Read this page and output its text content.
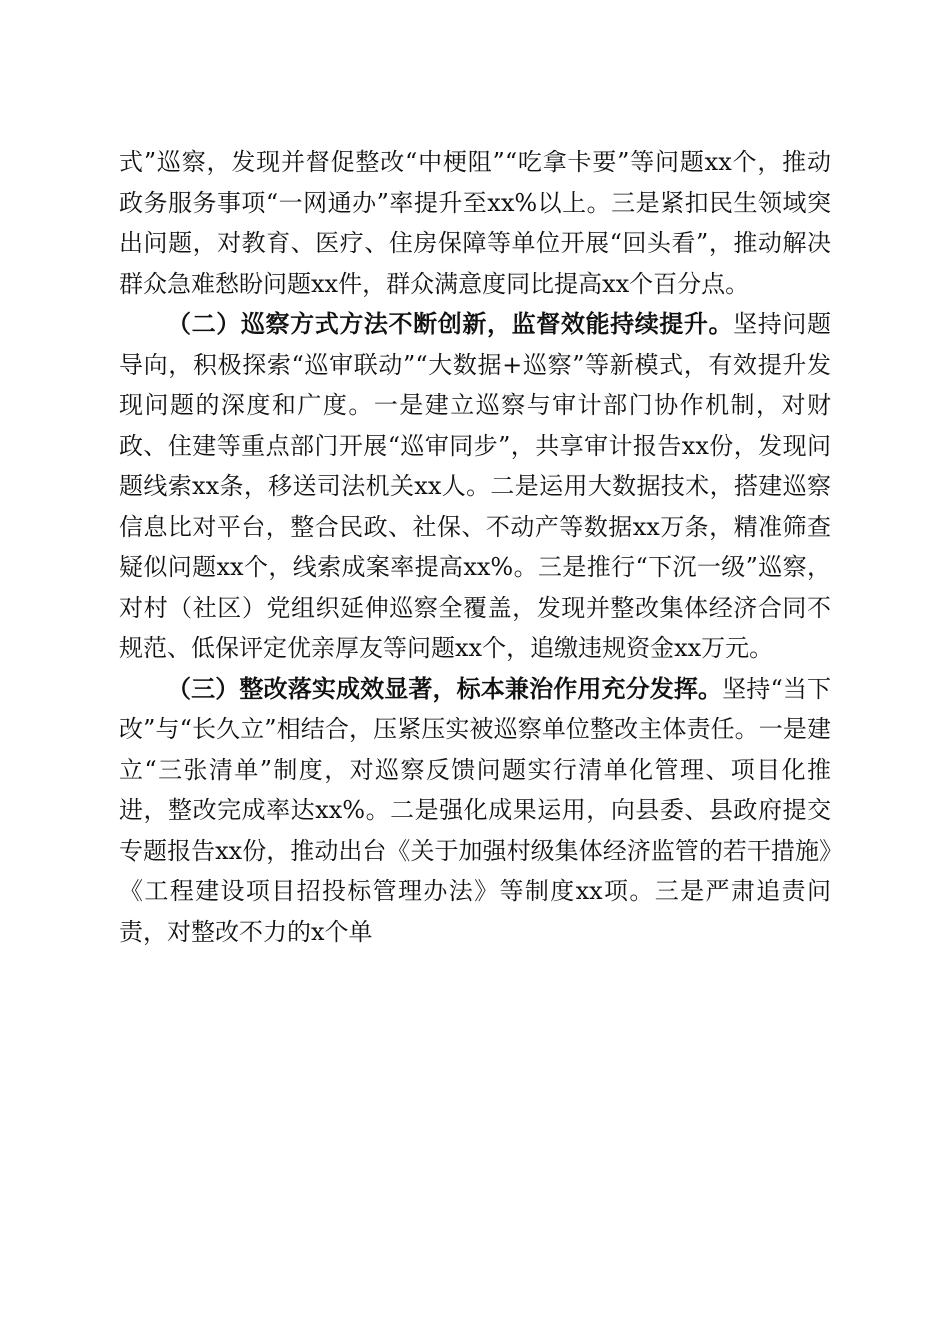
式”巡察，发现并督促整改“中梗阻”“吃拿卡要”等问题xx个，推动政务服务事项“一网通办”率提升至xx%以上。三是紧扣民生领域突出问题，对教育、医疗、住房保障等单位开展“回头看”，推动解决群众急难愁盼问题xx件，群众满意度同比提高xx个百分点。

（二）巡察方式方法不断创新，监督效能持续提升。坚持问题导向，积极探索“巡审联动”“大数据+巡察”等新模式，有效提升发现问题的深度和广度。一是建立巡察与审计部门协作机制，对财政、住建等重点部门开展“巡审同步”，共享审计报告xx份，发现问题线索xx条，移送司法机关xx人。二是运用大数据技术，搭建巡察信息比对平台，整合民政、社保、不动产等数据xx万条，精准筛查疑似问题xx个，线索成案率提高xx%。三是推行“下沉一级”巡察，对村（社区）党组织延伸巡察全覆盖，发现并整改集体经济合同不规范、低保评定优亲厚友等问题xx个，追缴违规资金xx万元。

（三）整改落实成效显著，标本兼治作用充分发挥。坚持“当下改”与“长久立”相结合，压紧压实被巡察单位整改主体责任。一是建立“三张清单”制度，对巡察反馈问题实行清单化管理、项目化推进，整改完成率达xx%。二是强化成果运用，向县委、县政府提交专题报告xx份，推动出台《关于加强村级集体经济监管的若干措施》《工程建设项目招投标管理办法》等制度xx项。三是严肃追责问责，对整改不力的x个单
